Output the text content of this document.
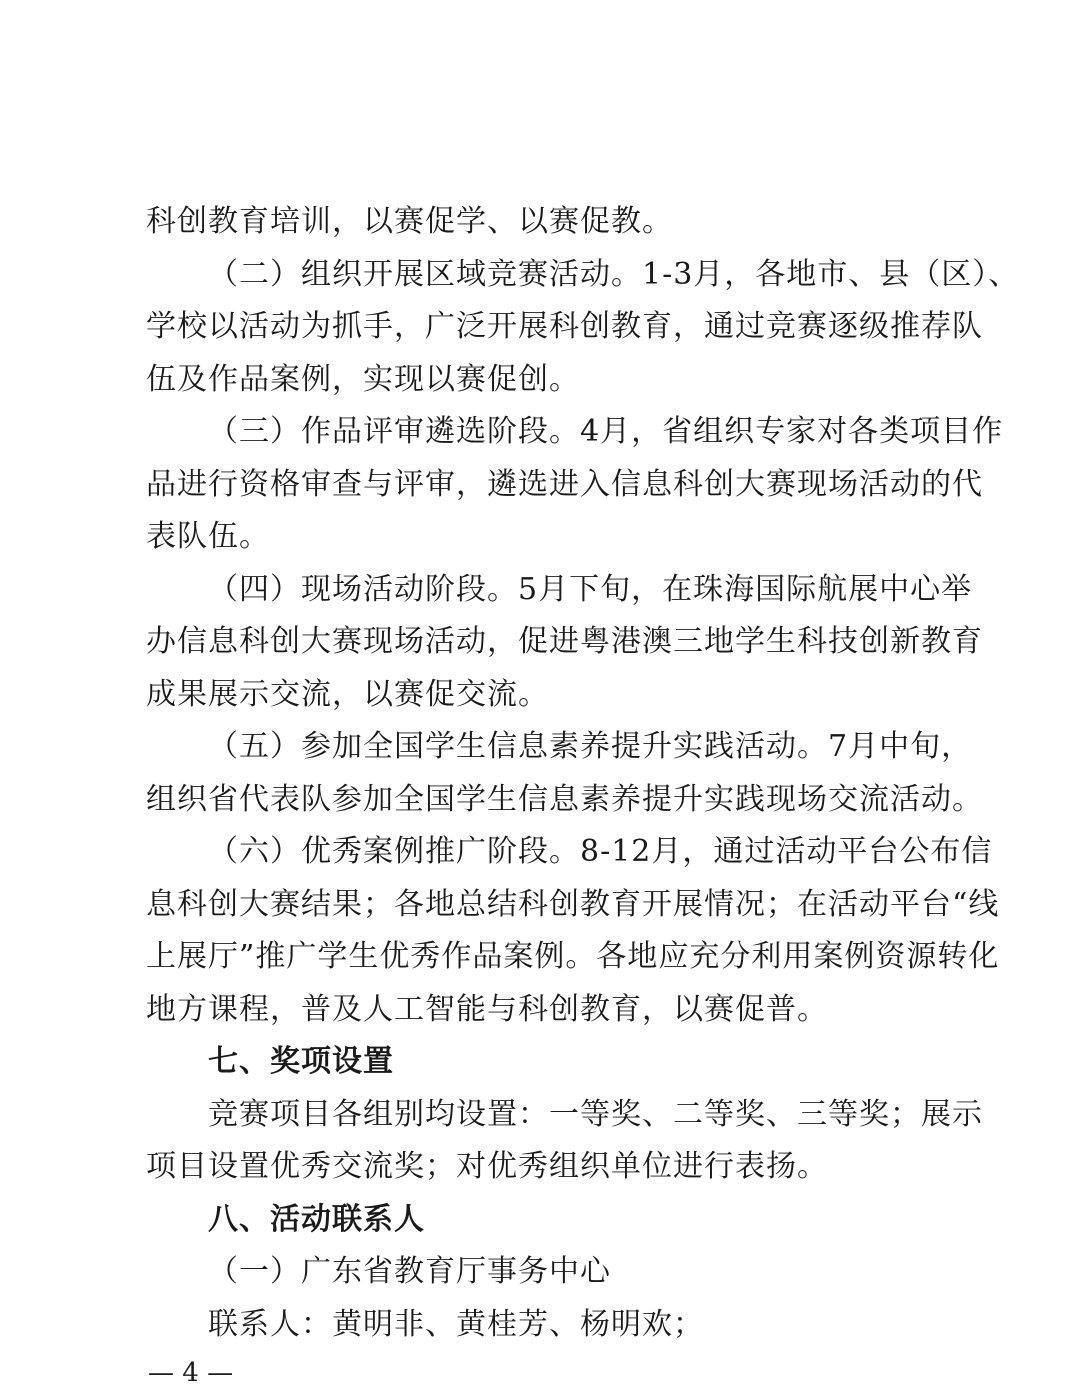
科创教育培训，以赛促学、以赛促教。
（二）组织开展区域竞赛活动。1-3月，各地市、县（区）、
学校以活动为抓手，广泛开展科创教育，通过竞赛逐级推荐队
伍及作品案例，实现以赛促创。
（三）作品评审遴选阶段。4月，省组织专家对各类项目作
品进行资格审查与评审，遴选进入信息科创大赛现场活动的代
表队伍。
（四）现场活动阶段。5月下旬，在珠海国际航展中心举
办信息科创大赛现场活动，促进粤港澳三地学生科技创新教育
成果展示交流，以赛促交流。
（五）参加全国学生信息素养提升实践活动。7月中旬，
组织省代表队参加全国学生信息素养提升实践现场交流活动。
（六）优秀案例推广阶段。8-12月，通过活动平台公布信
息科创大赛结果；各地总结科创教育开展情况；在活动平台“线
上展厅”推广学生优秀作品案例。各地应充分利用案例资源转化
地方课程，普及人工智能与科创教育，以赛促普。
七、奖项设置
竞赛项目各组别均设置：一等奖、二等奖、三等奖；展示
项目设置优秀交流奖；对优秀组织单位进行表扬。
八、活动联系人
（一）广东省教育厅事务中心
联系人：黄明非、黄桂芳、杨明欢；
— 4 —
